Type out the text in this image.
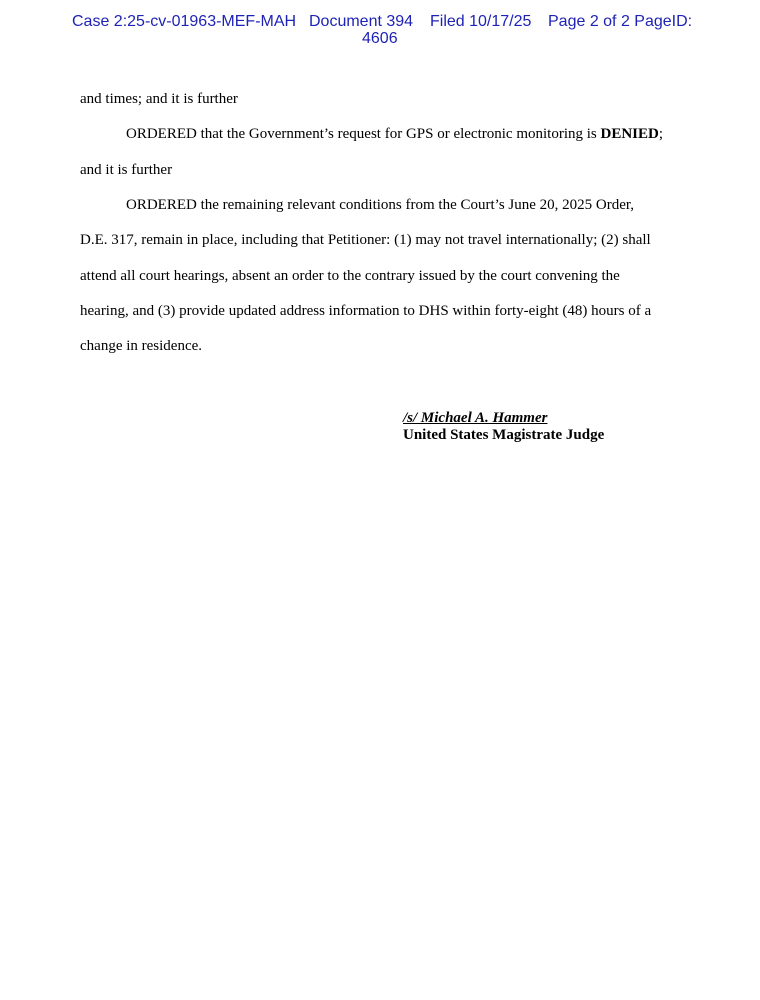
Case 2:25-cv-01963-MEF-MAH Document 394 Filed 10/17/25 Page 2 of 2 PageID:
4606
and times; and it is further
ORDERED that the Government’s request for GPS or electronic monitoring is DENIED;
and it is further
ORDERED the remaining relevant conditions from the Court’s June 20, 2025 Order,
D.E. 317, remain in place, including that Petitioner: (1) may not travel internationally; (2) shall
attend all court hearings, absent an order to the contrary issued by the court convening the
hearing, and (3) provide updated address information to DHS within forty-eight (48) hours of a
change in residence.
/s/ Michael A. Hammer
United States Magistrate Judge
